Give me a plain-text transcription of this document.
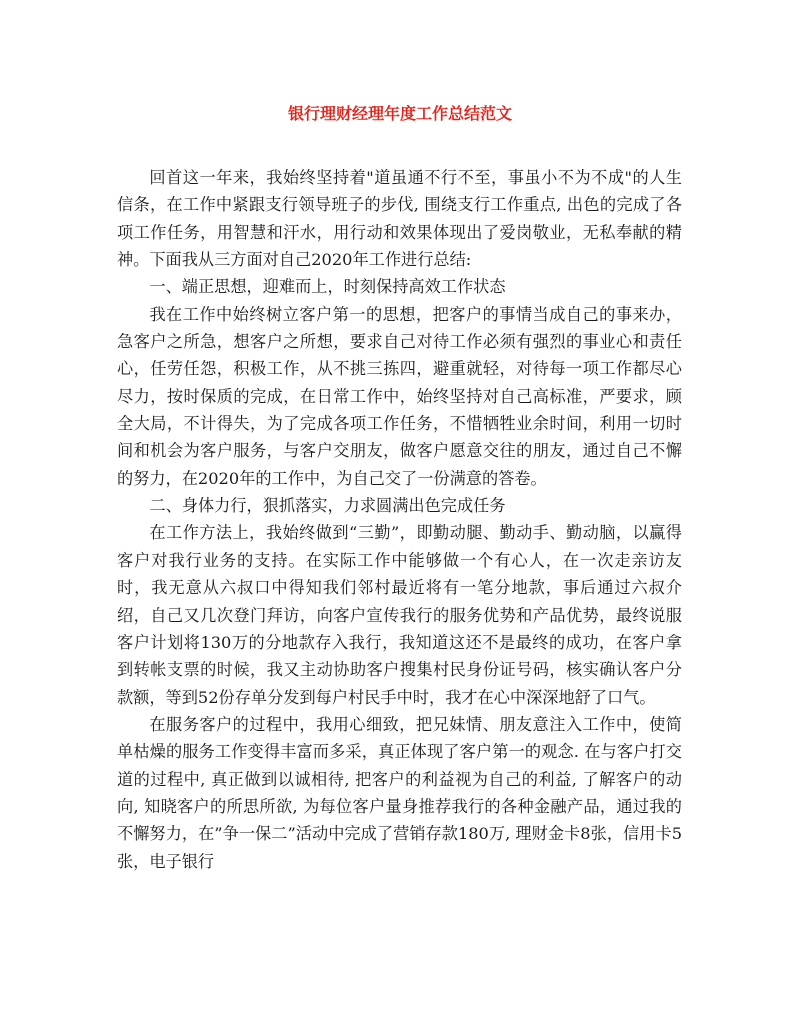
银行理财经理年度工作总结范文

回首这一年来，我始终坚持着"道虽通不行不至，事虽小不为不成"的人生信条，在工作中紧跟支行领导班子的步伐, 围绕支行工作重点, 出色的完成了各项工作任务，用智慧和汗水，用行动和效果体现出了爱岗敬业，无私奉献的精神。下面我从三方面对自己2020年工作进行总结:

一、端正思想，迎难而上，时刻保持高效工作状态

我在工作中始终树立客户第一的思想，把客户的事情当成自己的事来办，急客户之所急，想客户之所想，要求自己对待工作必须有强烈的事业心和责任心，任劳任怨，积极工作，从不挑三拣四，避重就轻，对待每一项工作都尽心尽力，按时保质的完成，在日常工作中，始终坚持对自己高标准，严要求，顾全大局，不计得失，为了完成各项工作任务，不惜牺牲业余时间，利用一切时间和机会为客户服务，与客户交朋友，做客户愿意交往的朋友，通过自己不懈的努力，在2020年的工作中，为自己交了一份满意的答卷。

二、身体力行，狠抓落实，力求圆满出色完成任务

在工作方法上，我始终做到“三勤”，即勤动腿、勤动手、勤动脑，以赢得客户对我行业务的支持。在实际工作中能够做一个有心人，在一次走亲访友时，我无意从六叔口中得知我们邻村最近将有一笔分地款，事后通过六叔介绍，自己又几次登门拜访，向客户宣传我行的服务优势和产品优势，最终说服客户计划将130万的分地款存入我行，我知道这还不是最终的成功，在客户拿到转帐支票的时候，我又主动协助客户搜集村民身份证号码，核实确认客户分款额，等到52份存单分发到每户村民手中时，我才在心中深深地舒了口气。

在服务客户的过程中，我用心细致，把兄妹情、朋友意注入工作中，使简单枯燥的服务工作变得丰富而多采，真正体现了客户第一的观念. 在与客户打交道的过程中, 真正做到以诚相待, 把客户的利益视为自己的利益, 了解客户的动向, 知晓客户的所思所欲, 为每位客户量身推荐我行的各种金融产品，通过我的不懈努力，在”争一保二”活动中完成了营销存款180万, 理财金卡8张，信用卡5张，电子银行
